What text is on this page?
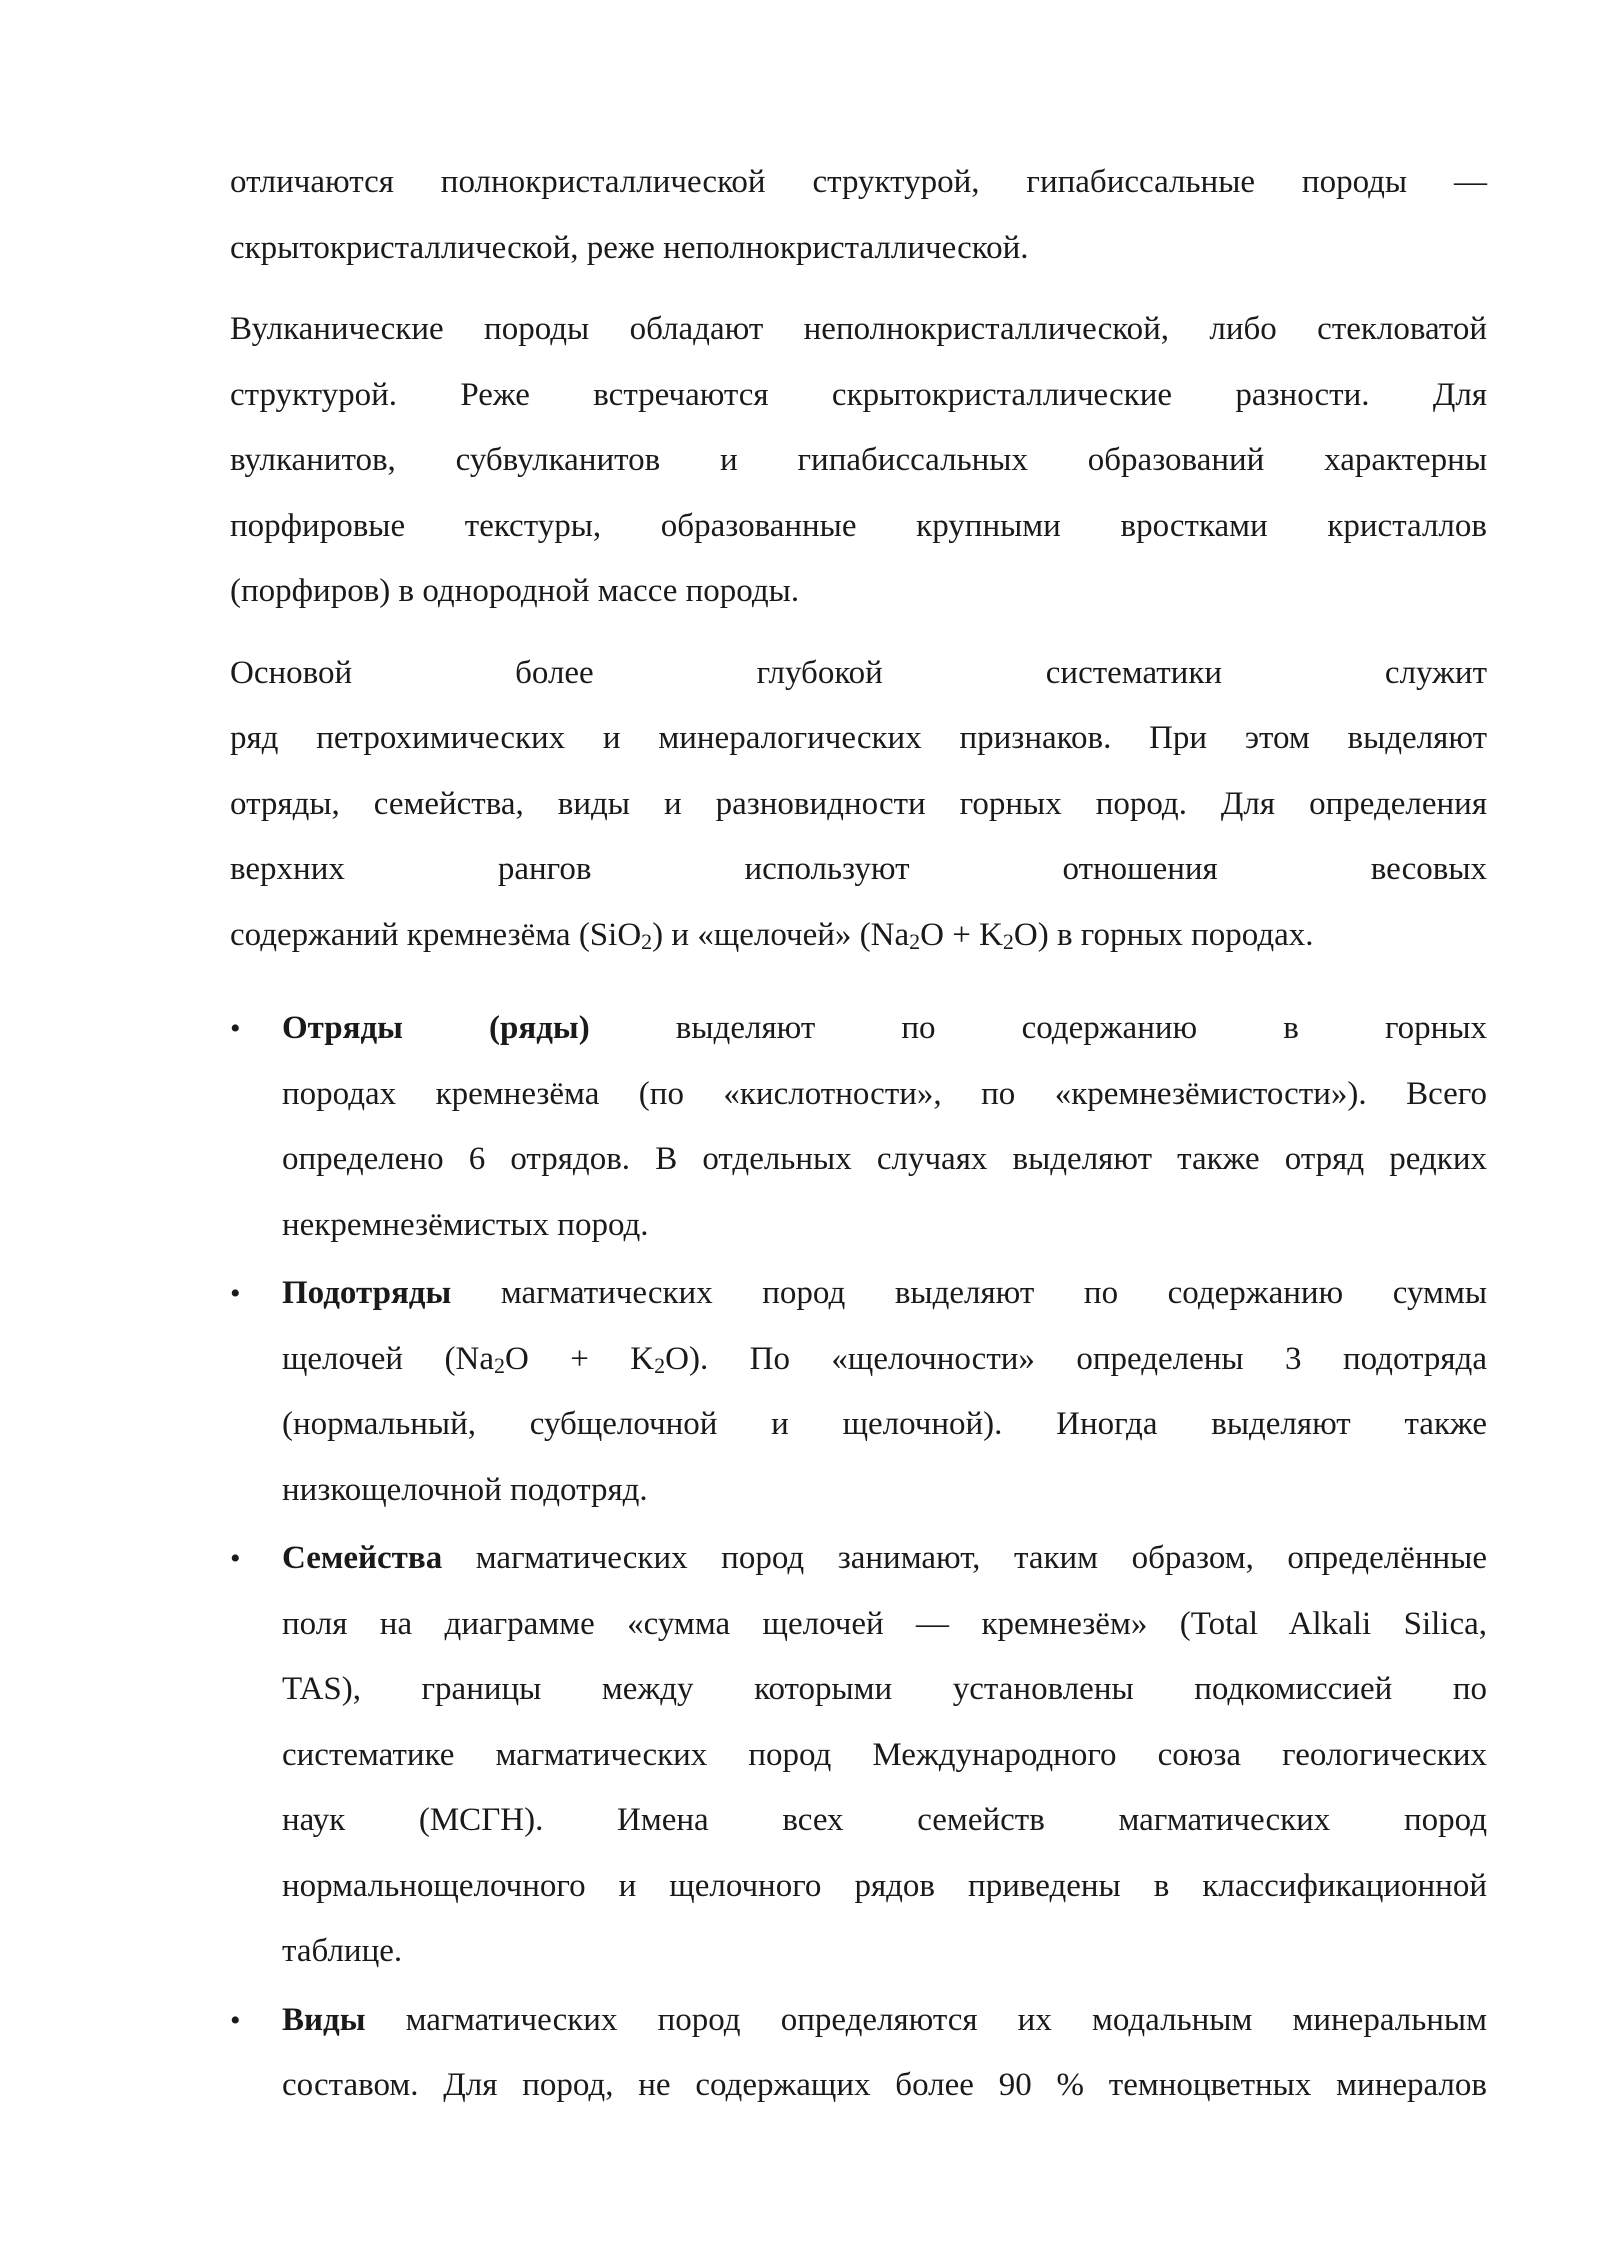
отличаются полнокристаллической структурой, гипабиссальные породы —
скрытокристаллической, реже неполнокристаллической.

Вулканические породы обладают неполнокристаллической, либо стекловатой
структурой. Реже встречаются скрытокристаллические разности. Для
вулканитов, субвулканитов и гипабиссальных образований характерны
порфировые текстуры, образованные крупными вростками кристаллов
(порфиров) в однородной массе породы.

Основой более глубокой систематики служит
ряд петрохимических и минералогических признаков. При этом выделяют
отряды, семейства, виды и разновидности горных пород. Для определения
верхних рангов используют отношения весовых
содержаний кремнезёма (SiO$_2$) и «щелочей» $(Na_2O + K_2O)$ в горных породах.

• Отряды (ряды) выделяют по содержанию в горных
породах кремнезёма (по «кислотности», по «кремнезёмистости»). Всего
определено 6 отрядов. В отдельных случаях выделяют также отряд редких
некремнезёмистых пород.
• Подотряды магматических пород выделяют по содержанию суммы
щелочей $(Na_2O + K_2O)$. По «щелочности» определены 3 подотряда
(нормальный, субщелочной и щелочной). Иногда выделяют также
низкощелочной подотряд.
• Семейства магматических пород занимают, таким образом, определённые
поля на диаграмме «сумма щелочей — кремнезём» (Total Alkali Silica,
TAS), границы между которыми установлены подкомиссией по
систематике магматических пород Международного союза геологических
наук (МСГН). Имена всех семейств магматических пород
нормальнощелочного и щелочного рядов приведены в классификационной
таблице.
• Виды магматических пород определяются их модальным минеральным
составом. Для пород, не содержащих более 90 % темноцветных минералов
